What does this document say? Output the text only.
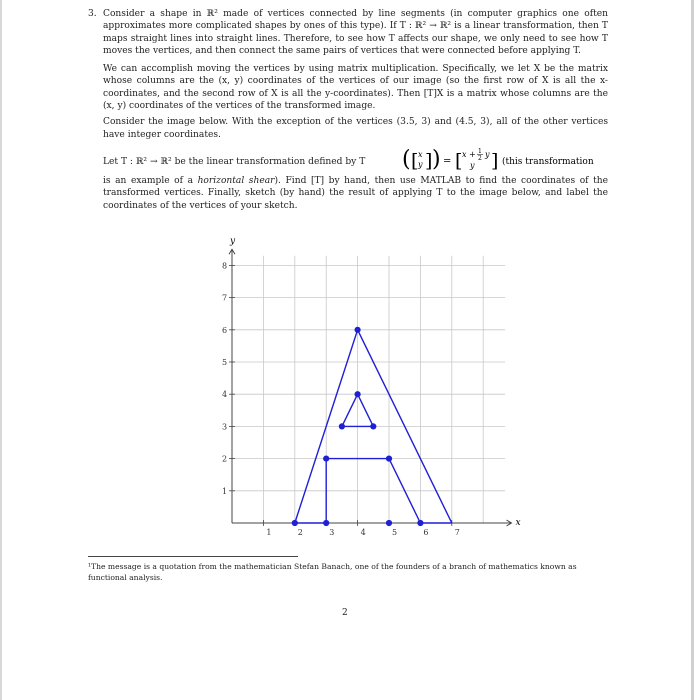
3. Consider a shape in ℝ² made of vertices connected by line segments (in computer graphics one often approximates more complicated shapes by ones of this type). If T : ℝ² → ℝ² is a linear transformation, then T maps straight lines into straight lines. Therefore, to see how T affects our shape, we only need to see how T moves the vertices, and then connect the same pairs of vertices that were connected before applying T.

We can accomplish moving the vertices by using matrix multiplication. Specifically, we let X be the matrix whose columns are the (x, y) coordinates of the vertices of our image (so the first row of X is all the x-coordinates, and the second row of X is all the y-coordinates). Then [T]X is a matrix whose columns are the (x, y) coordinates of the vertices of the transformed image.

Consider the image below. With the exception of the vertices (3.5, 3) and (4.5, 3), all of the other vertices have integer coordinates.

Let T : ℝ² → ℝ² be the linear transformation defined by T ( [ x
y ] ) = [ x + 1
2 y
y ] (this transformation

is an example of a horizontal shear). Find [T] by hand, then use MATLAB to find the coordinates of the transformed vertices. Finally, sketch (by hand) the result of applying T to the image below, and label the coordinates of the vertices of your sketch.

1	2	3	4	5	6	7
1
2
3
4
5
6
7
8
y
x
¹The message is a quotation from the mathematician Stefan Banach, one of the founders of a branch of mathematics known as functional analysis.
2
